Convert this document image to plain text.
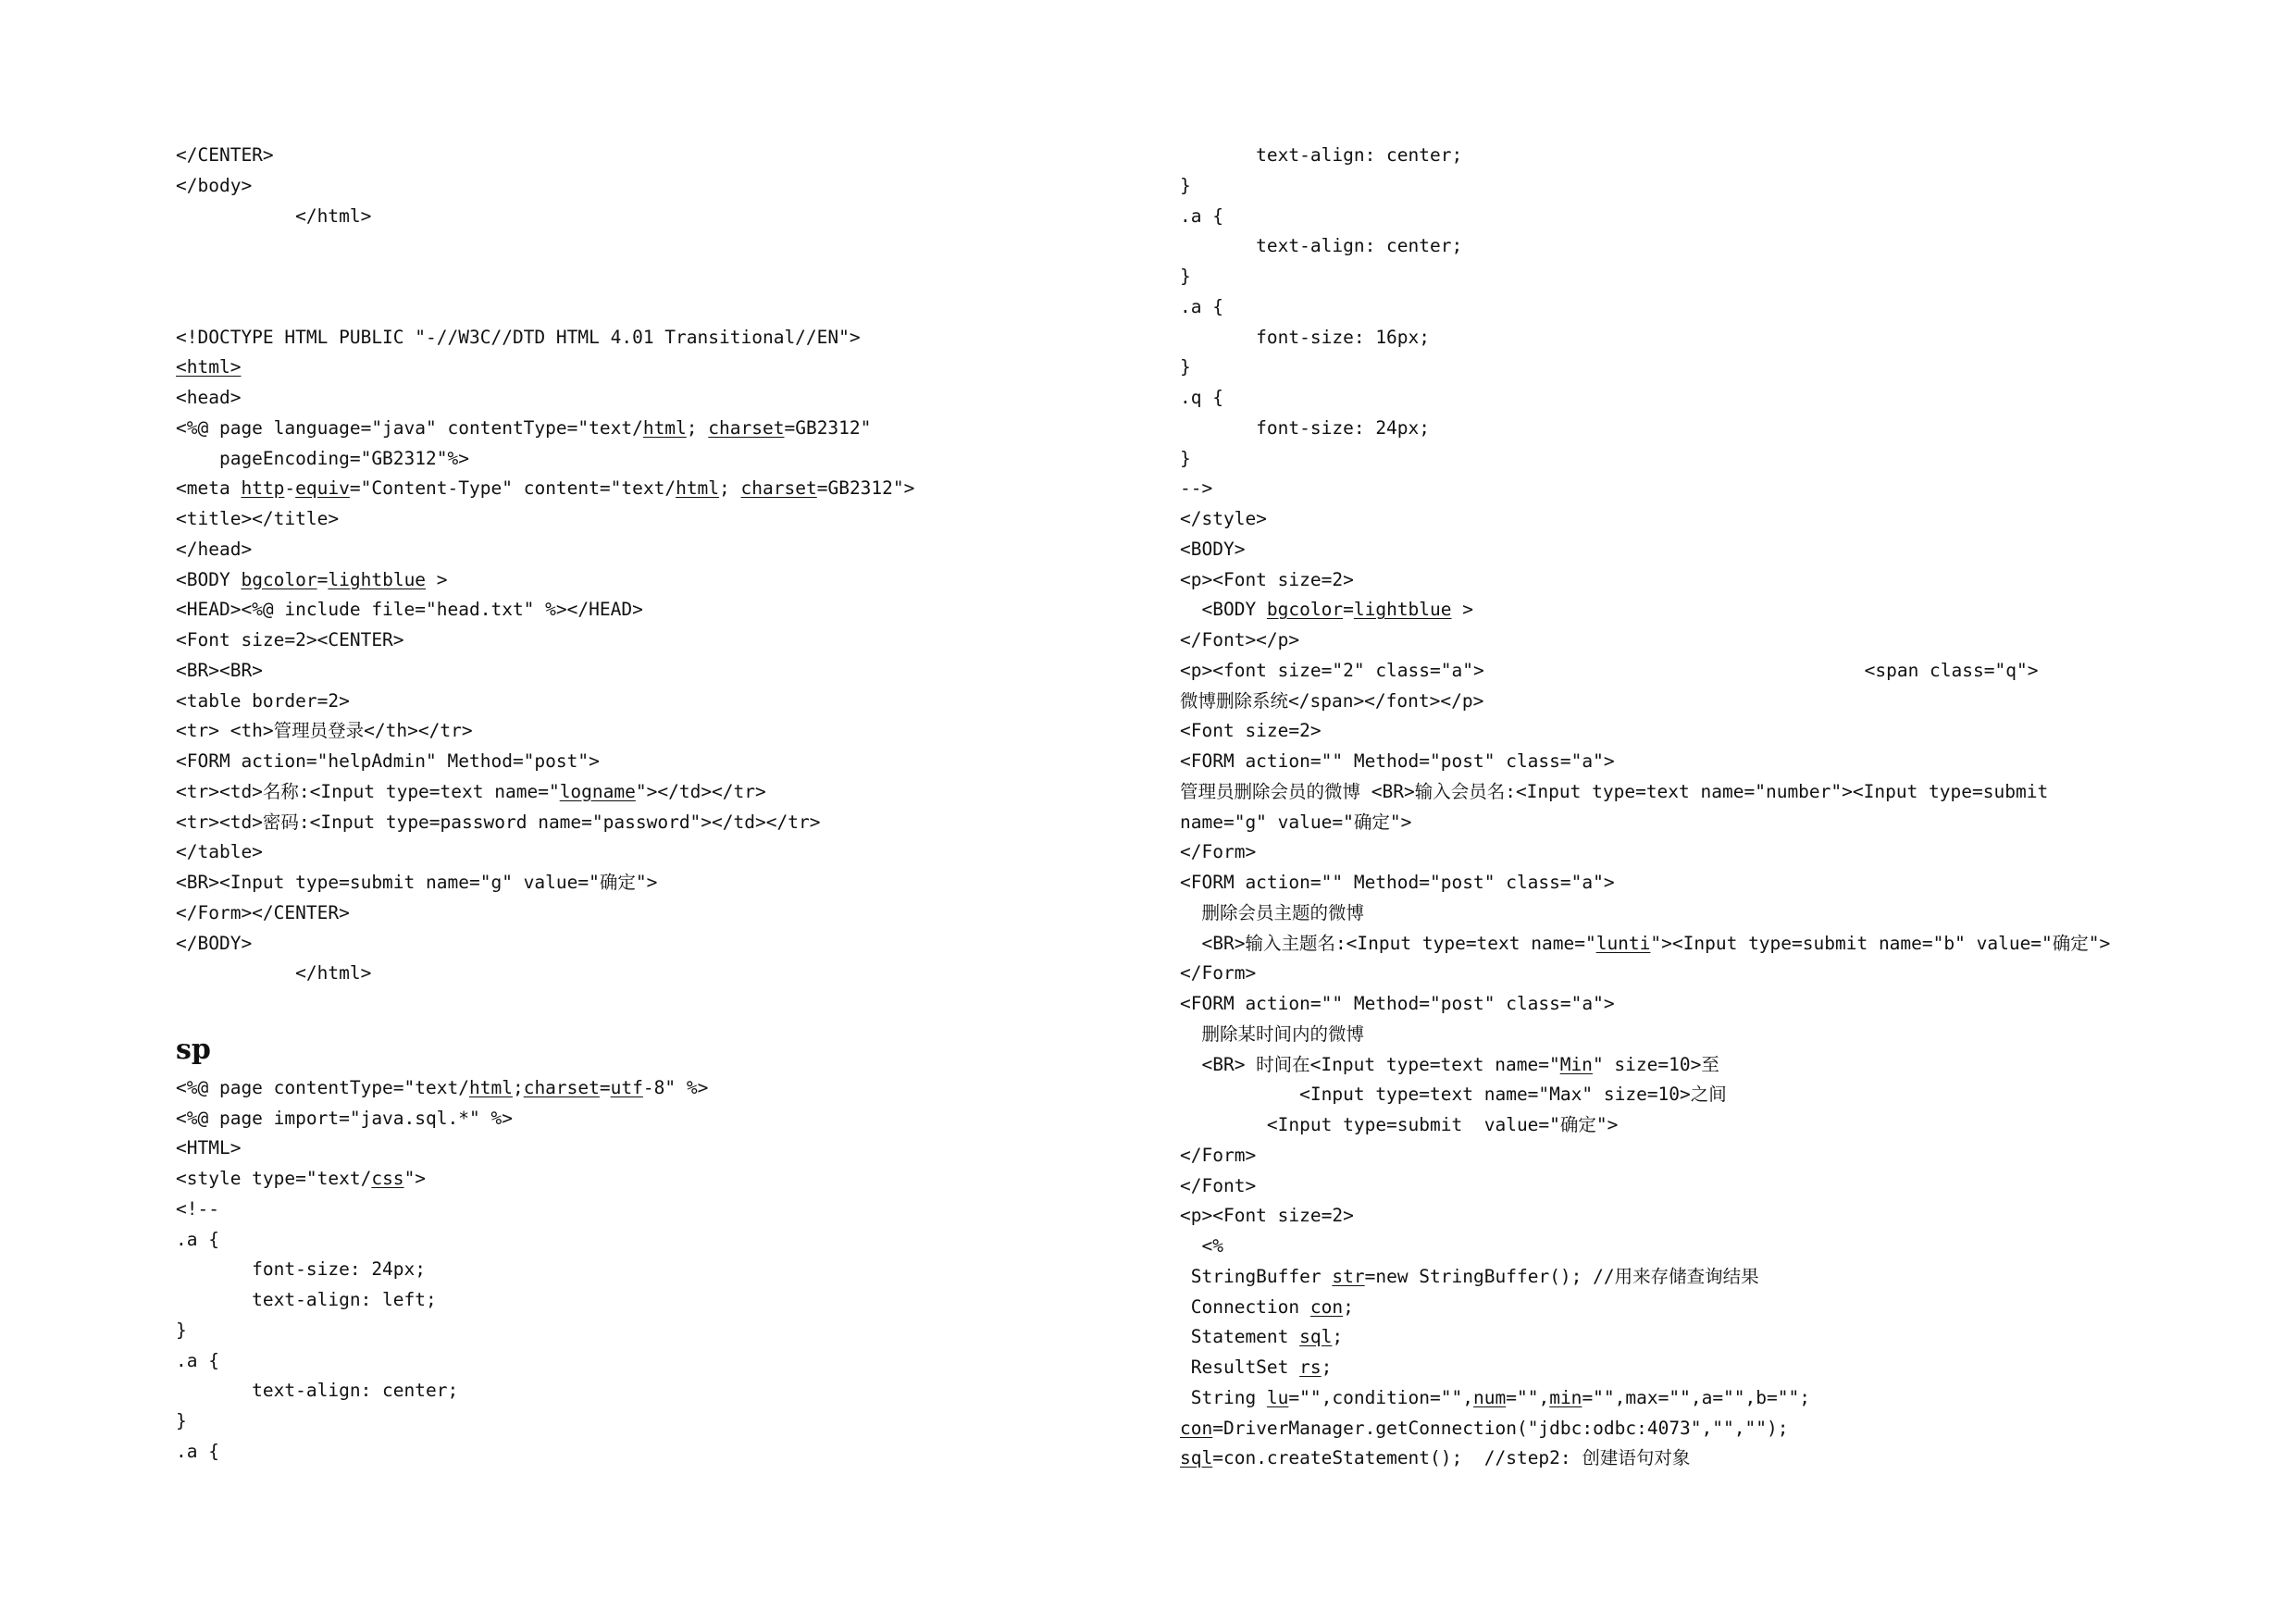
</CENTER>
</body>
</html>
<!DOCTYPE HTML PUBLIC "-//W3C//DTD HTML 4.01 Transitional//EN">
<html>
<head>
<%@ page language="java" contentType="text/html; charset=GB2312"
pageEncoding="GB2312"%>
<meta http-equiv="Content-Type" content="text/html; charset=GB2312">
<title></title>
</head>
<BODY bgcolor=lightblue >
<HEAD><%@ include file="head.txt" %></HEAD>
<Font size=2><CENTER>
<BR><BR>
<table border=2>
<tr> <th>管理员登录</th></tr>
<FORM action="helpAdmin" Method="post">
<tr><td>名称:<Input type=text name="logname"></td></tr>
<tr><td>密码:<Input type=password name="password"></td></tr>
</table>
<BR><Input type=submit name="g" value="确定">
</Form></CENTER>
</BODY>
</html>
sp
<%@ page contentType="text/html;charset=utf-8" %>
<%@ page import="java.sql.*" %>
<HTML>
<style type="text/css">
<!--
.a {
font-size: 24px;
text-align: left;
}
.a {
text-align: center;
}
.a {
text-align: center;
}
.a {
text-align: center;
}
.a {
font-size: 16px;
}
.q {
font-size: 24px;
}
-->
</style>
<BODY>
<p><Font size=2>
<BODY bgcolor=lightblue >
</Font></p>
<p><font size="2" class="a">                                   <span class="q">
微博删除系统</span></font></p>
<Font size=2>
<FORM action="" Method="post" class="a">
管理员删除会员的微博 <BR>输入会员名:<Input type=text name="number"><Input type=submit
name="g" value="确定">
</Form>
<FORM action="" Method="post" class="a">
删除会员主题的微博
<BR>输入主题名:<Input type=text name="lunti"><Input type=submit name="b" value="确定">
</Form>
<FORM action="" Method="post" class="a">
删除某时间内的微博
<BR> 时间在<Input type=text name="Min" size=10>至
<Input type=text name="Max" size=10>之间
<Input type=submit  value="确定">
</Form>
</Font>
<p><Font size=2>
<%
StringBuffer str=new StringBuffer(); //用来存储查询结果
Connection con;
Statement sql;
ResultSet rs;
String lu="",condition="",num="",min="",max="",a="",b="";
con=DriverManager.getConnection("jdbc:odbc:4073","","");
sql=con.createStatement();  //step2: 创建语句对象
